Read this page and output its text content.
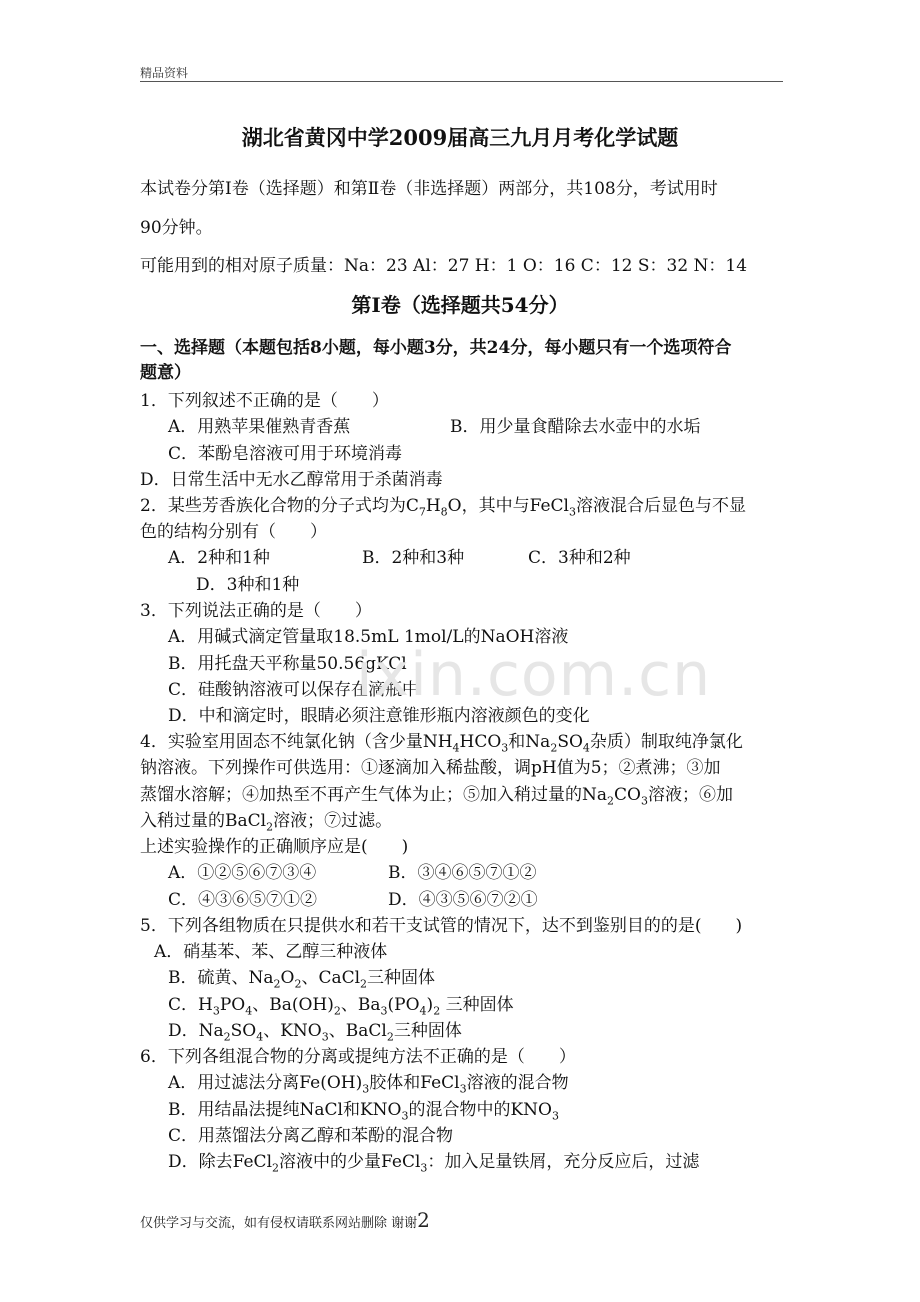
精品资料
湖北省黄冈中学2009届高三九月月考化学试题
本试卷分第Ⅰ卷（选择题）和第Ⅱ卷（非选择题）两部分，共108分，考试用时
90分钟。
可能用到的相对原子质量：Na：23 Al：27 H：1 O：16 C：12 S：32 N：14
第Ⅰ卷（选择题共54分）
一、选择题（本题包括8小题，每小题3分，共24分，每小题只有一个选项符合
题意）
1．下列叙述不正确的是（　　）
A．用熟苹果催熟青香蕉	B．用少量食醋除去水壶中的水垢
C．苯酚皂溶液可用于环境消毒
D．日常生活中无水乙醇常用于杀菌消毒
2．某些芳香族化合物的分子式均为$C_7H_8O$，其中与FeCl$_3$溶液混合后显色与不显
色的结构分别有（　　）
A．2种和1种	B．2种和3种	C．3种和2种
D．3种和1种
3．下列说法正确的是（　　）
A．用碱式滴定管量取18.5mL 1mol/L的NaOH溶液
B．用托盘天平称量50.56gKCl
C．硅酸钠溶液可以保存在滴瓶中
D．中和滴定时，眼睛必须注意锥形瓶内溶液颜色的变化
4．实验室用固态不纯氯化钠（含少量$NH_4HCO_3$和$Na_2SO_4$杂质）制取纯净氯化
钠溶液。下列操作可供选用：①逐滴加入稀盐酸，调pH值为5；②煮沸；③加
蒸馏水溶解；④加热至不再产生气体为止；⑤加入稍过量的$Na_2CO_3$溶液；⑥加
入稍过量的BaCl$_2$溶液；⑦过滤。
上述实验操作的正确顺序应是(　　)
A．①②⑤⑥⑦③④	B．③④⑥⑤⑦①②
C．④③⑥⑤⑦①②	D．④③⑤⑥⑦②①
5．下列各组物质在只提供水和若干支试管的情况下，达不到鉴别目的的是(　　)
A．硝基苯、苯、乙醇三种液体
B．硫黄、$Na_2O_2$、CaCl$_2$三种固体
C．$H_3PO_4$、$Ba(OH)_2$、$Ba_3(PO_4)_2$ 三种固体
D．$Na_2SO_4$、$KNO_3$、BaCl$_2$三种固体
6．下列各组混合物的分离或提纯方法不正确的是（　　）
A．用过滤法分离$Fe(OH)_3$胶体和FeCl$_3$溶液的混合物
B．用结晶法提纯NaCl和$KNO_3$的混合物中的$KNO_3$
C．用蒸馏法分离乙醇和苯酚的混合物
D．除去FeCl$_2$溶液中的少量FeCl$_3$：加入足量铁屑，充分反应后，过滤
ixin.com.cn
仅供学习与交流，如有侵权请联系网站删除 谢谢2
